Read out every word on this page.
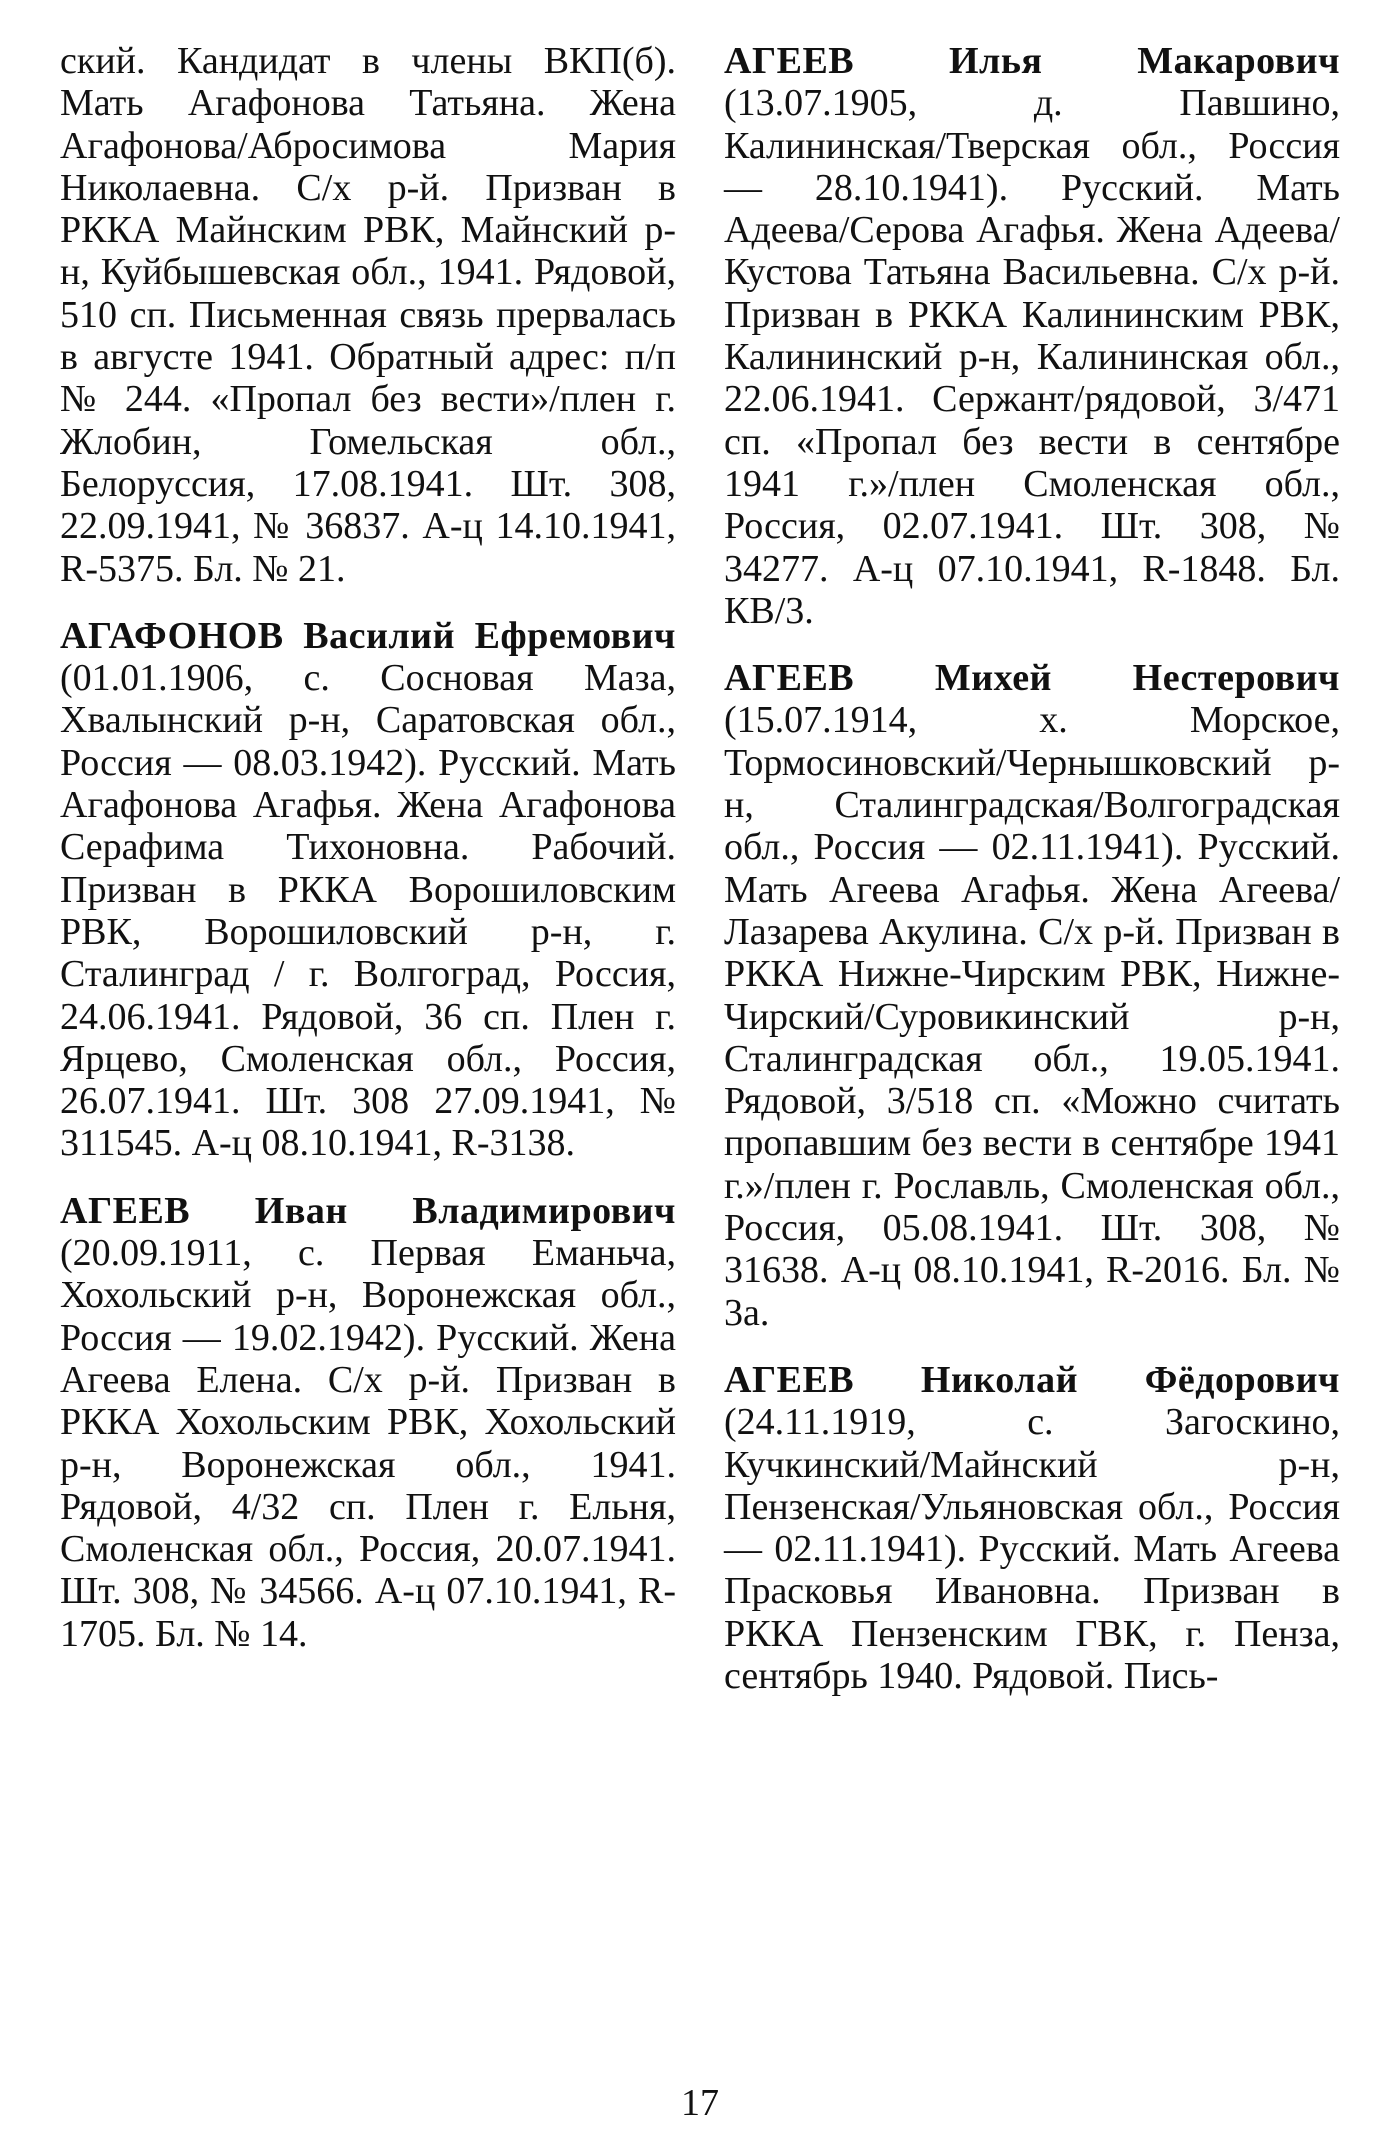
ский. Кандидат в члены ВКП(б). Мать Агафонова Татьяна. Жена Агафонова/Абросимова Мария Николаевна. С/х р-й. Призван в РККА Майнским РВК, Майнский р-н, Куйбышевская обл., 1941. Рядовой, 510 сп. Письменная связь прервалась в августе 1941. Обратный адрес: п/п № 244. «Пропал без вести»/плен г. Жлобин, Гомельская обл., Белоруссия, 17.08.1941. Шт. 308, 22.09.1941, № 36837. А-ц 14.10.1941, R-5375. Бл. № 21.

АГАФОНОВ Василий Ефремович (01.01.1906, с. Сосновая Маза, Хвалынский р-н, Саратовская обл., Россия — 08.03.1942). Русский. Мать Агафонова Агафья. Жена Агафонова Серафима Тихоновна. Рабочий. Призван в РККА Ворошиловским РВК, Ворошиловский р-н, г. Сталинград / г. Волгоград, Россия, 24.06.1941. Рядовой, 36 сп. Плен г. Ярцево, Смоленская обл., Россия, 26.07.1941. Шт. 308 27.09.1941, № 311545. А-ц 08.10.1941, R-3138.

АГЕЕВ Иван Владимирович (20.09.1911, с. Первая Еманьча, Хохольский р-н, Воронежская обл., Россия — 19.02.1942). Русский. Жена Агеева Елена. С/х р-й. Призван в РККА Хохольским РВК, Хохольский р-н, Воронежская обл., 1941. Рядовой, 4/32 сп. Плен г. Ельня, Смоленская обл., Россия, 20.07.1941. Шт. 308, № 34566. А-ц 07.10.1941, R-1705. Бл. № 14.

АГЕЕВ Илья Макарович (13.07.1905, д. Павшино, Калининская/Тверская обл., Россия — 28.10.1941). Русский. Мать Адеева/Серова Агафья. Жена Адеева/Кустова Татьяна Васильевна. С/х р-й. Призван в РККА Калининским РВК, Калининский р-н, Калининская обл., 22.06.1941. Сержант/рядовой, 3/471 сп. «Пропал без вести в сентябре 1941 г.»/плен Смоленская обл., Россия, 02.07.1941. Шт. 308, № 34277. А-ц 07.10.1941, R-1848. Бл. КВ/3.

АГЕЕВ Михей Нестерович (15.07.1914, х. Морское, Тормосиновский/Чернышковский р-н, Сталинградская/Волгоградская обл., Россия — 02.11.1941). Русский. Мать Агеева Агафья. Жена Агеева/Лазарева Акулина. С/х р-й. Призван в РККА Нижне-Чирским РВК, Нижне-Чирский/Суровикинский р-н, Сталинградская обл., 19.05.1941. Рядовой, 3/518 сп. «Можно считать пропавшим без вести в сентябре 1941 г.»/плен г. Рославль, Смоленская обл., Россия, 05.08.1941. Шт. 308, № 31638. А-ц 08.10.1941, R-2016. Бл. № 3а.

АГЕЕВ Николай Фёдорович (24.11.1919, с. Загоскино, Кучкинский/Майнский р-н, Пензенская/Ульяновская обл., Россия — 02.11.1941). Русский. Мать Агеева Прасковья Ивановна. Призван в РККА Пензенским ГВК, г. Пенза, сентябрь 1940. Рядовой. Пись-

17
